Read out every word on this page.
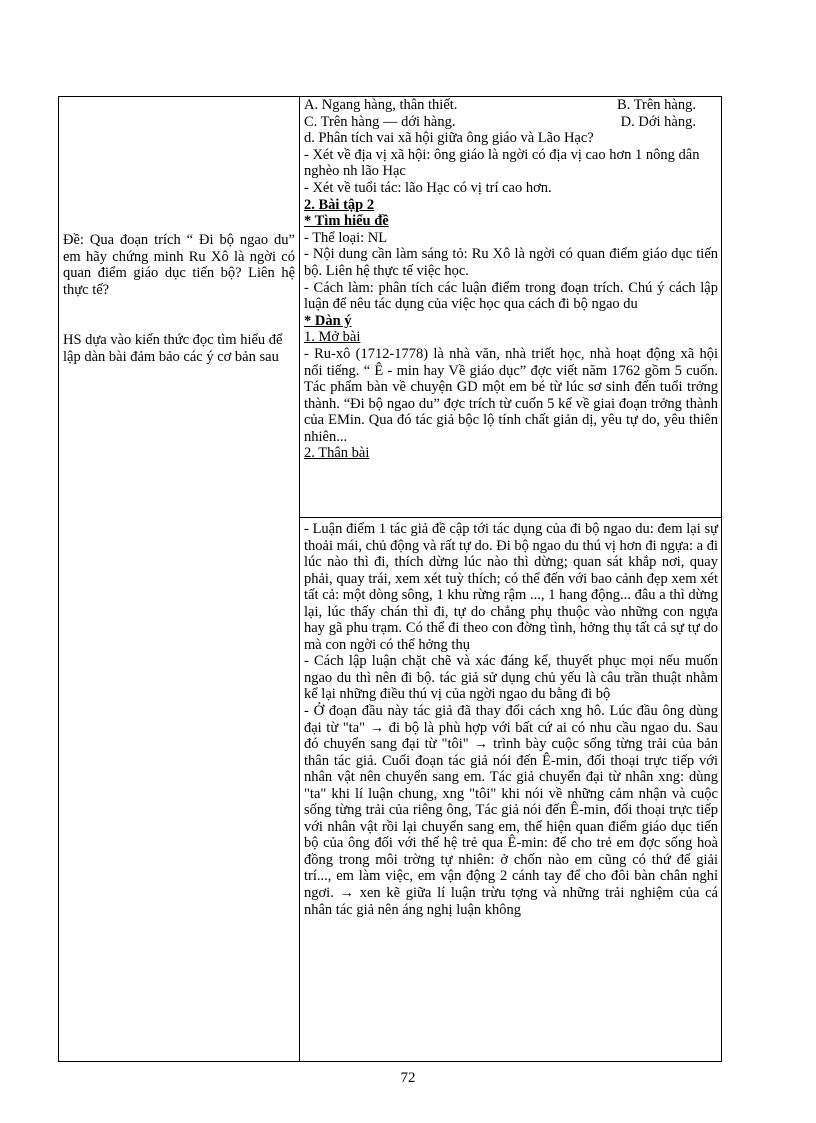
Đề: Qua đoạn trích “ Đi bộ ngao du” em hãy chứng minh Ru Xô là ngời có quan điểm giáo dục tiến bộ? Liên hệ thực tế?

HS dựa vào kiến thức đọc tìm hiểu để lập dàn bài đảm bảo các ý cơ bản sau

A. Ngang hàng, thân thiết.	B. Trên hàng.
C. Trên hàng — dới hàng.	D. Dới hàng.

d. Phân tích vai xã hội giữa ông giáo và Lão Hạc?

- Xét về địa vị xã hội: ông giáo là ngời có địa vị cao hơn 1 nông dân nghèo nh lão Hạc

- Xét về tuổi tác: lão Hạc có vị trí cao hơn.

2. Bài tập 2

* Tìm hiểu đề

- Thể loại: NL

- Nội dung cần làm sáng tỏ: Ru Xô là ngời có quan điểm giáo dục tiến bộ. Liên hệ thực tế việc học.

- Cách làm: phân tích các luận điểm trong đoạn trích. Chú ý cách lập luận để nêu tác dụng của việc học qua cách đi bộ ngao du

* Dàn ý

1. Mở bài

- Ru-xô (1712-1778) là nhà văn, nhà triết học, nhà hoạt động xã hội nổi tiếng. “ Ê - min hay Về giáo dục” đợc viết năm 1762 gồm 5 cuốn. Tác phẩm bàn về chuyện GD một em bé từ lúc sơ sinh đến tuổi trởng thành. “Đi bộ ngao du” đợc trích từ cuốn 5 kể về giai đoạn trởng thành của EMin. Qua đó tác giả bộc lộ tính chất giản dị, yêu tự do, yêu thiên nhiên...

2. Thân bài

- Luận điểm 1 tác giả đề cập tới tác dụng của đi bộ ngao du: đem lại sự thoải mái, chủ động và rất tự do. Đi bộ ngao du thú vị hơn đi ngựa: a đi lúc nào thì đi, thích dừng lúc nào thì dừng; quan sát khắp nơi, quay phải, quay trái, xem xét tuỳ thích; có thể đến với bao cảnh đẹp xem xét tất cả: một dòng sông, 1 khu rừng rậm ..., 1 hang động... đâu a thì dừng lại, lúc thấy chán thì đi, tự do chẳng phụ thuộc vào những con ngựa hay gã phu trạm. Có thể đi theo con đờng tình, hởng thụ tất cả sự tự do mà con ngời có thể hởng thụ

- Cách lập luận chặt chẽ và xác đáng kể, thuyết phục mọi nếu muốn ngao du thì nên đi bộ. tác giả sử dụng chủ yếu là câu trần thuật nhằm kể lại những điều thú vị của ngời ngao du bằng đi bộ

- Ở đoạn đầu này tác giả đã thay đổi cách xng hô. Lúc đầu ông dùng đại từ "ta" → đi bộ là phù hợp với bất cứ ai có nhu cầu ngao du. Sau đó chuyển sang đại từ "tôi" → trình bày cuộc sống từng trải của bản thân tác giả. Cuối đoạn tác giả nói đến Ê-min, đối thoại trực tiếp với nhân vật nên chuyển sang em. Tác giả chuyển đại từ nhân xng: dùng "ta" khi lí luận chung, xng "tôi" khi nói về những cảm nhận và cuộc sống từng trải của riêng ông, Tác giả nói đến Ê-min, đối thoại trực tiếp với nhân vật rồi lại chuyển sang em, thể hiện quan điểm giáo dục tiến bộ của ông đối với thế hệ trẻ qua Ê-min: để cho trẻ em đợc sống hoà đồng trong môi trờng tự nhiên: ở chốn nào em cũng có thứ để giải trí..., em làm việc, em vận động 2 cánh tay để cho đôi bàn chân nghỉ ngơi. → xen kẽ giữa lí luận trừu tợng và những trải nghiệm của cá nhân tác giả nên áng nghị luận không

72
